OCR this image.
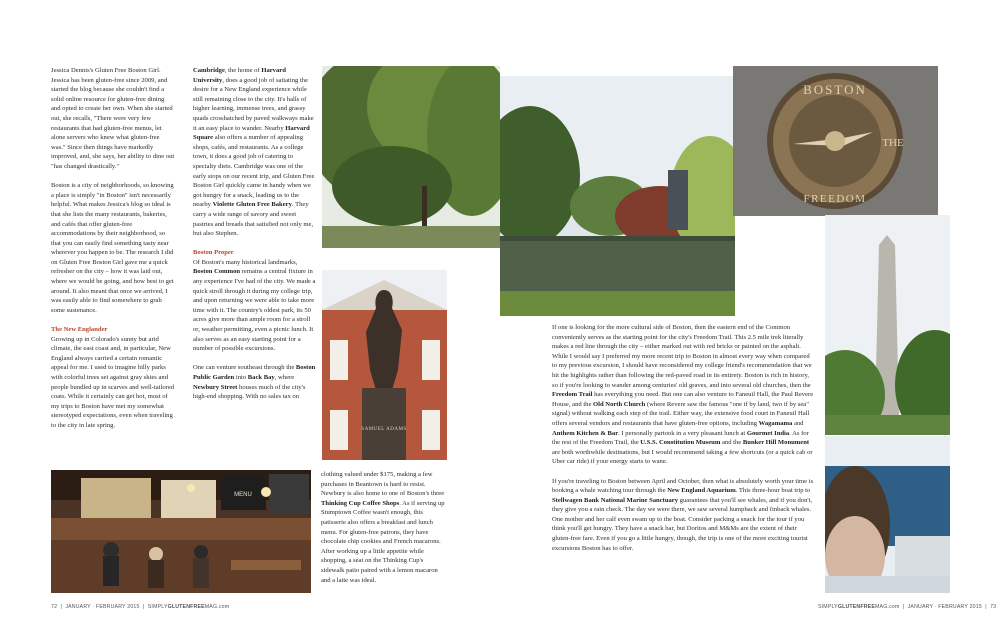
Jessica Dennis's Gluten Free Boston Girl. Jessica has been gluten-free since 2009, and started the blog because she couldn't find a solid online resource for gluten-free dining and opted to create her own. When she started out, she recalls, "There were very few restaurants that had gluten-free menus, let alone servers who knew what gluten-free was." Since then things have markedly improved, and, she says, her ability to dine out "has changed drastically."

Boston is a city of neighborhoods, so knowing a place is simply "in Boston" isn't necessarily helpful. What makes Jessica's blog so ideal is that she lists the many restaurants, bakeries, and cafés that offer gluten-free accommodations by their neighborhood, so that you can easily find something tasty near wherever you happen to be. The research I did on Gluten Free Boston Girl gave me a quick refresher on the city – how it was laid out, where we would be going, and how best to get around. It also meant that once we arrived, I was easily able to find somewhere to grab some sustenance.

The New Englander

Growing up in Colorado's sunny but arid climate, the east coast and, in particular, New England always carried a certain romantic appeal for me. I used to imagine hilly parks with colorful trees set against gray skies and people bundled up in scarves and well-tailored coats. While it certainly can get hot, most of my trips to Boston have met my somewhat stereotyped expectations, even when traveling to the city in late spring.

Cambridge, the home of Harvard University, does a good job of satiating the desire for a New England experience while still remaining close to the city. It's halls of higher learning, immense trees, and grassy quads crosshatched by paved walkways make it an easy place to wander. Nearby Harvard Square also offers a number of appealing shops, cafés, and restaurants. As a college town, it does a good job of catering to specialty diets. Cambridge was one of the early stops on our recent trip, and Gluten Free Boston Girl quickly came in handy when we got hungry for a snack, leading us to the nearby Violette Gluten Free Bakery. They carry a wide range of savory and sweet pastries and breads that satisfied not only me, but also Stephen.

Boston Proper

Of Boston's many historical landmarks, Boston Common remains a central fixture in any experience I've had of the city. We made a quick stroll through it during my college trip, and upon returning we were able to take more time with it. The country's oldest park, its 50 acres give more than ample room for a stroll or, weather permitting, even a picnic lunch. It also serves as an easy starting point for a number of possible excursions.

One can venture southeast through the Boston Public Garden into Back Bay, where Newbury Street houses much of the city's high-end shopping. With no sales tax on

MENU
SAMUEL ADAMS
72  |  JANUARY · FEBRUARY 2015  |  SIMPLYGLUTENFREEMAG.com
BOSTON
THE
FREEDOM

clothing valued under $175, making a few purchases in Beantown is hard to resist. Newbury is also home to one of Boston's three Thinking Cup Coffee Shops. As if serving up Stumptown Coffee wasn't enough, this patisserie also offers a breakfast and lunch menu. For gluten-free patrons, they have chocolate chip cookies and French macarons. After working up a little appetite while shopping, a seat on the Thinking Cup's sidewalk patio paired with a lemon macaron and a latte was ideal.

If one is looking for the more cultural side of Boston, then the eastern end of the Common conveniently serves as the starting point for the city's Freedom Trail. This 2.5 mile trek literally makes a red line through the city – either marked out with red bricks or painted on the asphalt. While I would say I preferred my more recent trip to Boston in almost every way when compared to my previous excursion, I should have reconsidered my college friend's recommendation that we hit the highlights rather than following the red-paved road in its entirety. Boston is rich in history, so if you're looking to wander among centuries' old graves, and into several old churches, then the Freedom Trail has everything you need. But one can also venture to Faneuil Hall, the Paul Revere House, and the Old North Church (where Revere saw the famous "one if by land, two if by sea" signal) without walking each step of the trail. Either way, the extensive food court in Faneuil Hall offers several vendors and restaurants that have gluten-free options, including Wagamama and Anthem Kitchen & Bar. I personally partook in a very pleasant lunch at Gourmet India. As for the rest of the Freedom Trail, the U.S.S. Constitution Museum and the Bunker Hill Monument are both worthwhile destinations, but I would recommend taking a few shortcuts (or a quick cab or Uber car ride) if your energy starts to wane.

If you're traveling to Boston between April and October, then what is absolutely worth your time is booking a whale watching tour through the New England Aquarium. This three-hour boat trip to Stellwagen Bank National Marine Sanctuary guarantees that you'll see whales, and if you don't, they give you a rain check. The day we were there, we saw several humpback and finback whales. One mother and her calf even swam up to the boat. Consider packing a snack for the tour if you think you'll get hungry. They have a snack bar, but Doritos and M&Ms are the extent of their gluten-free fare. Even if you go a little hungry, though, the trip is one of the more exciting tourist excursions Boston has to offer.

SIMPLYGLUTENFREEMAG.com  |  JANUARY · FEBRUARY 2015  |  73
